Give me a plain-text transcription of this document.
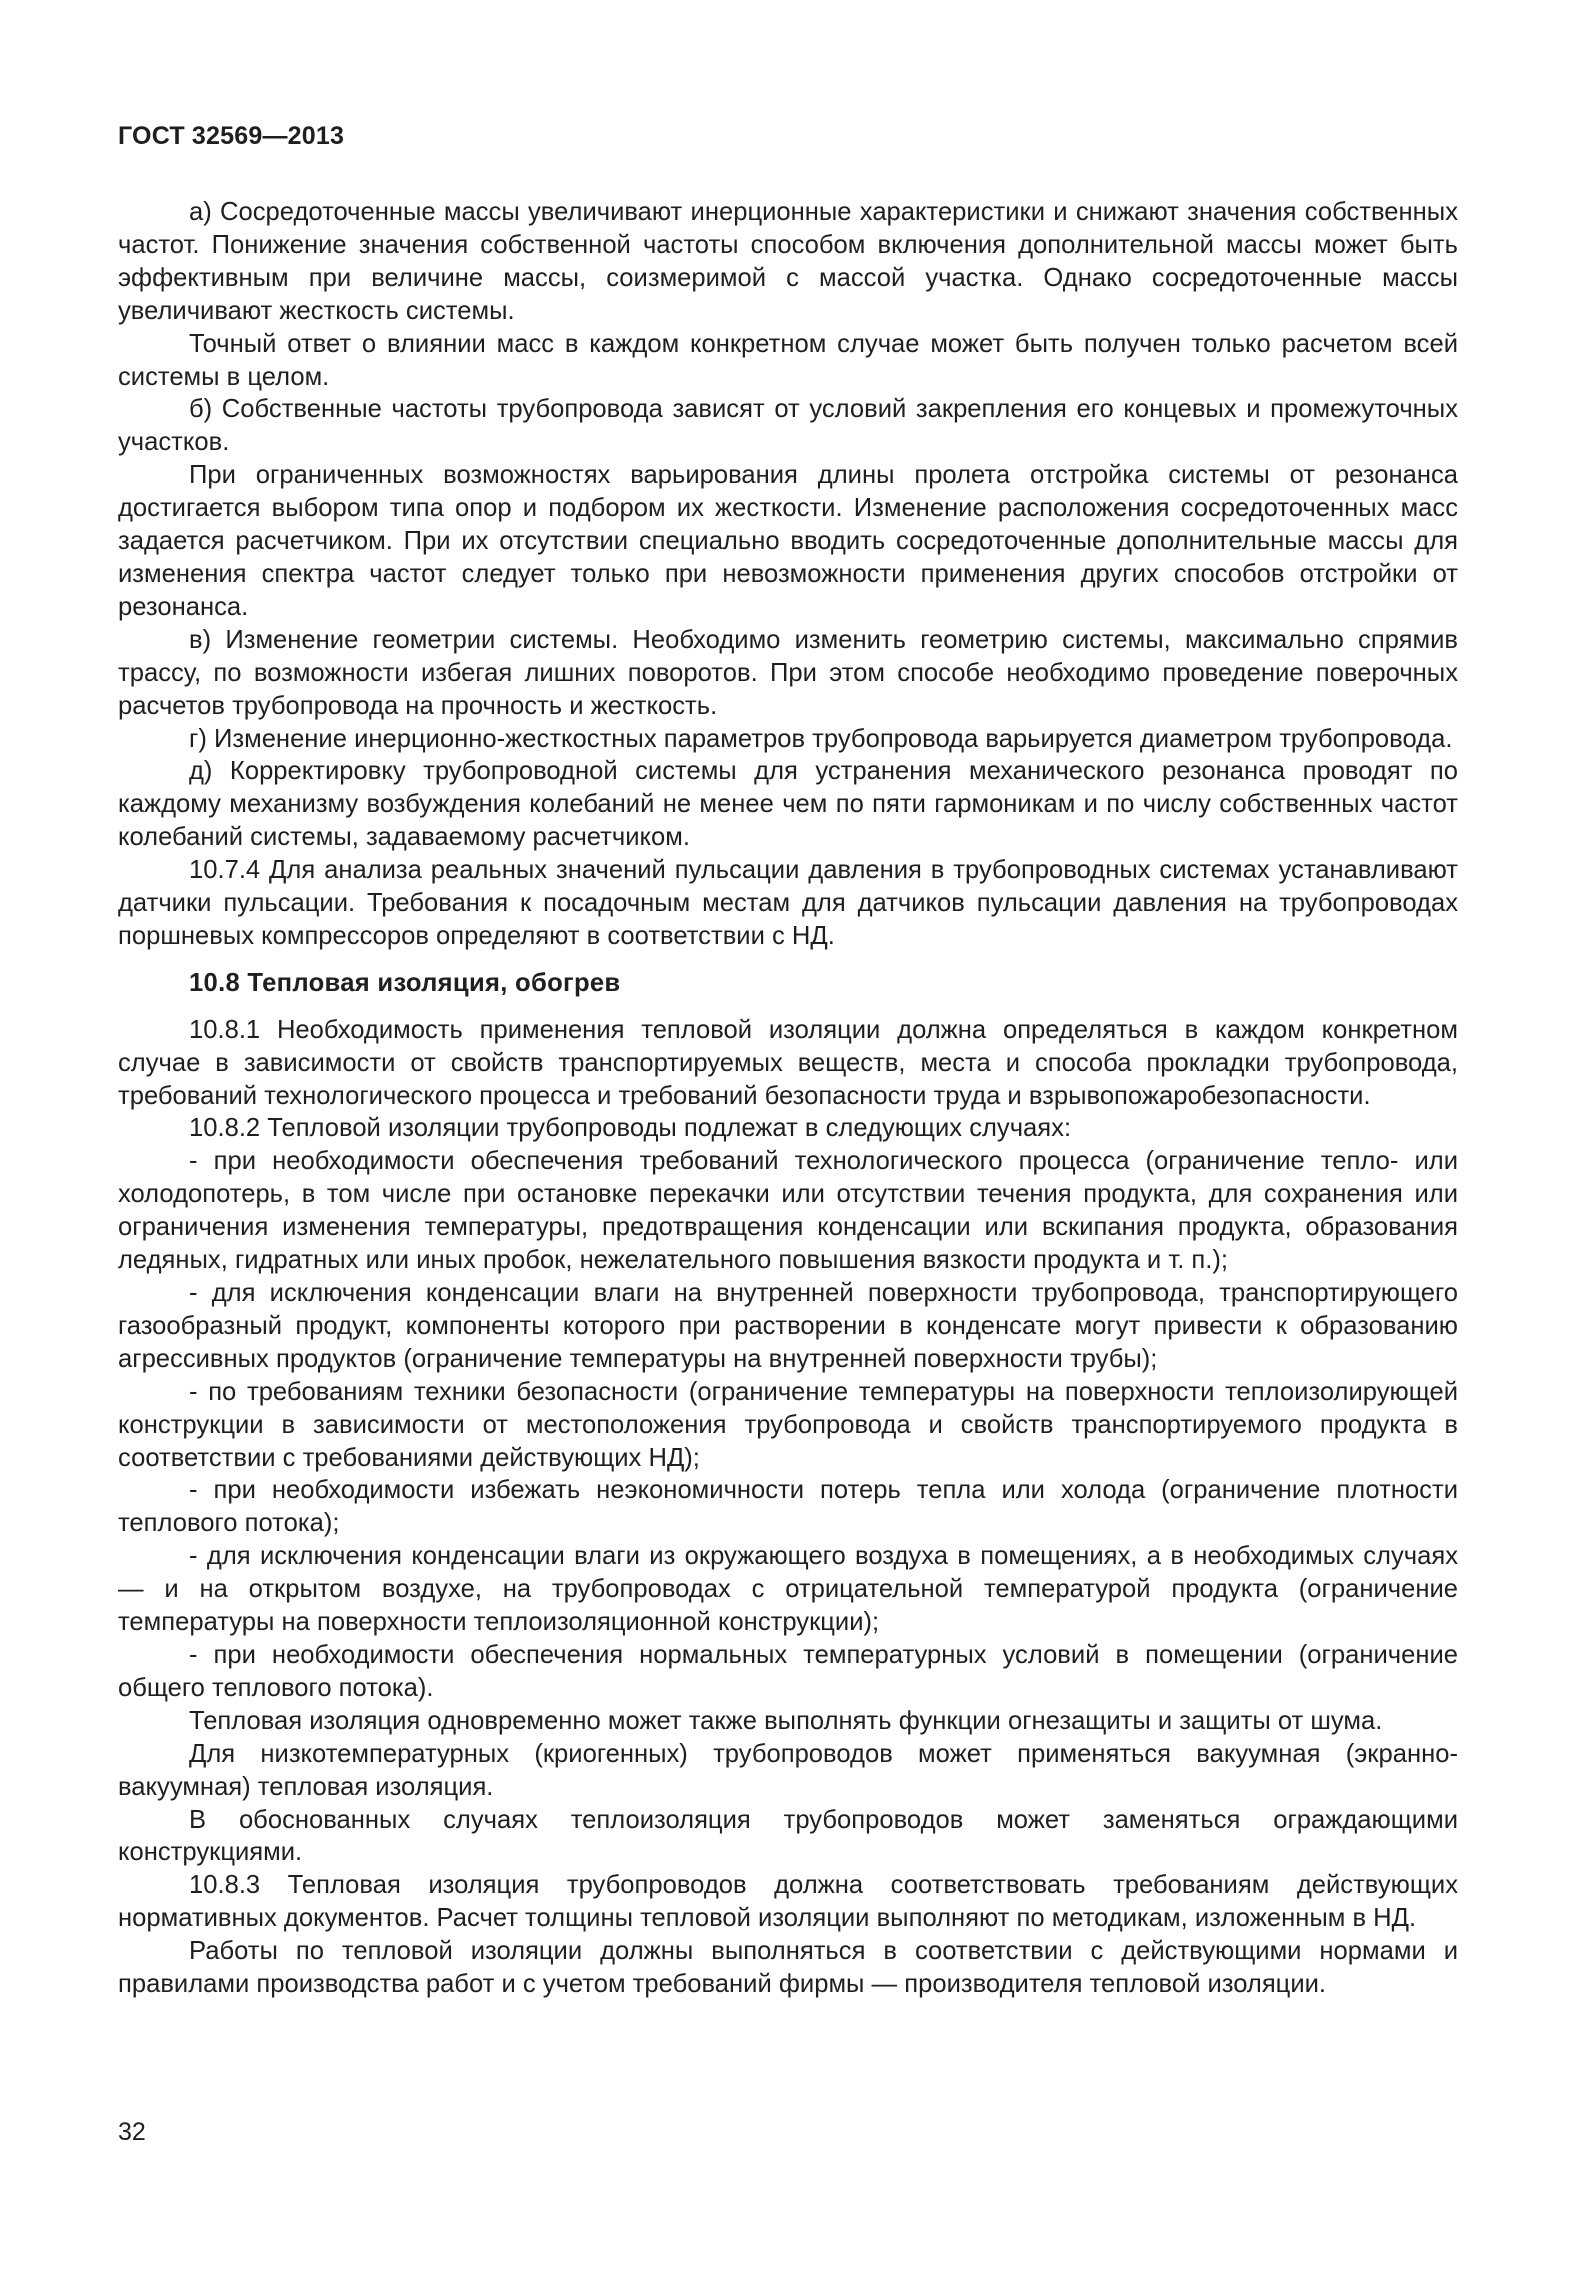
ГОСТ 32569—2013

а) Сосредоточенные массы увеличивают инерционные характеристики и снижают значения собственных частот. Понижение значения собственной частоты способом включения дополнительной массы может быть эффективным при величине массы, соизмеримой с массой участка. Однако сосредоточенные массы увеличивают жесткость системы.

Точный ответ о влиянии масс в каждом конкретном случае может быть получен только расчетом всей системы в целом.

б) Собственные частоты трубопровода зависят от условий закрепления его концевых и промежуточных участков.

При ограниченных возможностях варьирования длины пролета отстройка системы от резонанса достигается выбором типа опор и подбором их жесткости. Изменение расположения сосредоточенных масс задается расчетчиком. При их отсутствии специально вводить сосредоточенные дополнительные массы для изменения спектра частот следует только при невозможности применения других способов отстройки от резонанса.

в) Изменение геометрии системы. Необходимо изменить геометрию системы, максимально спрямив трассу, по возможности избегая лишних поворотов. При этом способе необходимо проведение поверочных расчетов трубопровода на прочность и жесткость.

г) Изменение инерционно-жесткостных параметров трубопровода варьируется диаметром трубопровода.

д) Корректировку трубопроводной системы для устранения механического резонанса проводят по каждому механизму возбуждения колебаний не менее чем по пяти гармоникам и по числу собственных частот колебаний системы, задаваемому расчетчиком.

10.7.4 Для анализа реальных значений пульсации давления в трубопроводных системах устанавливают датчики пульсации. Требования к посадочным местам для датчиков пульсации давления на трубопроводах поршневых компрессоров определяют в соответствии с НД.

10.8 Тепловая изоляция, обогрев

10.8.1 Необходимость применения тепловой изоляции должна определяться в каждом конкретном случае в зависимости от свойств транспортируемых веществ, места и способа прокладки трубопровода, требований технологического процесса и требований безопасности труда и взрывопожаробезопасности.

10.8.2 Тепловой изоляции трубопроводы подлежат в следующих случаях:

- при необходимости обеспечения требований технологического процесса (ограничение тепло- или холодопотерь, в том числе при остановке перекачки или отсутствии течения продукта, для сохранения или ограничения изменения температуры, предотвращения конденсации или вскипания продукта, образования ледяных, гидратных или иных пробок, нежелательного повышения вязкости продукта и т. п.);

- для исключения конденсации влаги на внутренней поверхности трубопровода, транспортирующего газообразный продукт, компоненты которого при растворении в конденсате могут привести к образованию агрессивных продуктов (ограничение температуры на внутренней поверхности трубы);

- по требованиям техники безопасности (ограничение температуры на поверхности теплоизолирующей конструкции в зависимости от местоположения трубопровода и свойств транспортируемого продукта в соответствии с требованиями действующих НД);

- при необходимости избежать неэкономичности потерь тепла или холода (ограничение плотности теплового потока);

- для исключения конденсации влаги из окружающего воздуха в помещениях, а в необходимых случаях — и на открытом воздухе, на трубопроводах с отрицательной температурой продукта (ограничение температуры на поверхности теплоизоляционной конструкции);

- при необходимости обеспечения нормальных температурных условий в помещении (ограничение общего теплового потока).

Тепловая изоляция одновременно может также выполнять функции огнезащиты и защиты от шума.

Для низкотемпературных (криогенных) трубопроводов может применяться вакуумная (экранно-вакуумная) тепловая изоляция.

В обоснованных случаях теплоизоляция трубопроводов может заменяться ограждающими конструкциями.

10.8.3 Тепловая изоляция трубопроводов должна соответствовать требованиям действующих нормативных документов. Расчет толщины тепловой изоляции выполняют по методикам, изложенным в НД.

Работы по тепловой изоляции должны выполняться в соответствии с действующими нормами и правилами производства работ и с учетом требований фирмы — производителя тепловой изоляции.

32
